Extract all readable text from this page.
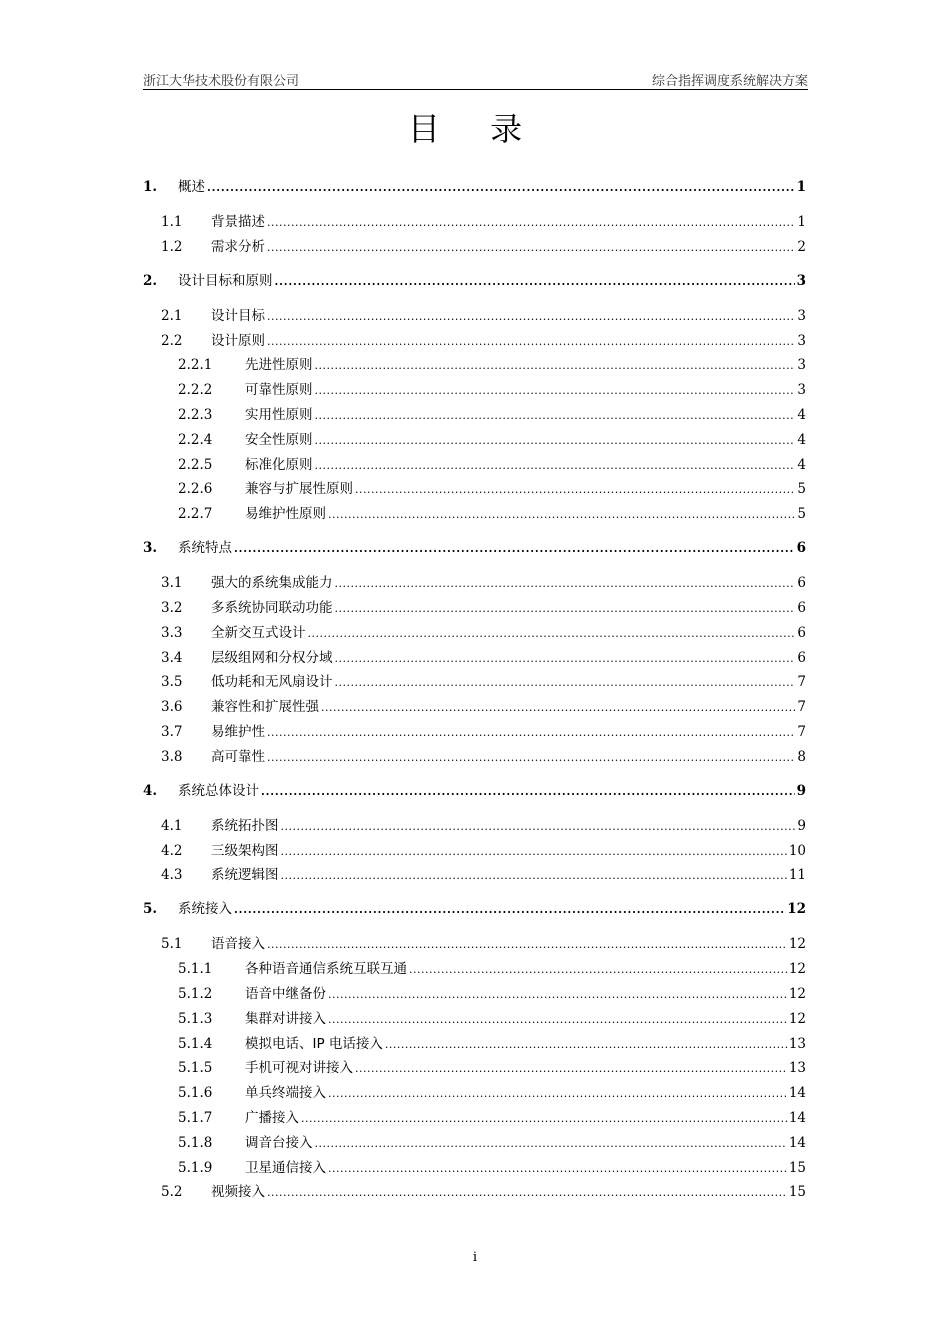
浙江大华技术股份有限公司	综合指挥调度系统解决方案
目 录
1.	概述 .....	1
1.1	背景描述 .....	1
1.2	需求分析 .....	2
2.	设计目标和原则 .....	3
2.1	设计目标 .....	3
2.2	设计原则 .....	3
2.2.1	先进性原则 .....	3
2.2.2	可靠性原则 .....	3
2.2.3	实用性原则 .....	4
2.2.4	安全性原则 .....	4
2.2.5	标准化原则 .....	4
2.2.6	兼容与扩展性原则 .....	5
2.2.7	易维护性原则 .....	5
3.	系统特点 .....	6
3.1	强大的系统集成能力 .....	6
3.2	多系统协同联动功能 .....	6
3.3	全新交互式设计 .....	6
3.4	层级组网和分权分域 .....	6
3.5	低功耗和无风扇设计 .....	7
3.6	兼容性和扩展性强 .....	7
3.7	易维护性 .....	7
3.8	高可靠性 .....	8
4.	系统总体设计 .....	9
4.1	系统拓扑图 .....	9
4.2	三级架构图 .....	10
4.3	系统逻辑图 .....	11
5.	系统接入 .....	12
5.1	语音接入 .....	12
5.1.1	各种语音通信系统互联互通 .....	12
5.1.2	语音中继备份 .....	12
5.1.3	集群对讲接入 .....	12
5.1.4	模拟电话、IP 电话接入 .....	13
5.1.5	手机可视对讲接入 .....	13
5.1.6	单兵终端接入 .....	14
5.1.7	广播接入 .....	14
5.1.8	调音台接入 .....	14
5.1.9	卫星通信接入 .....	15
5.2	视频接入 .....	15
i
